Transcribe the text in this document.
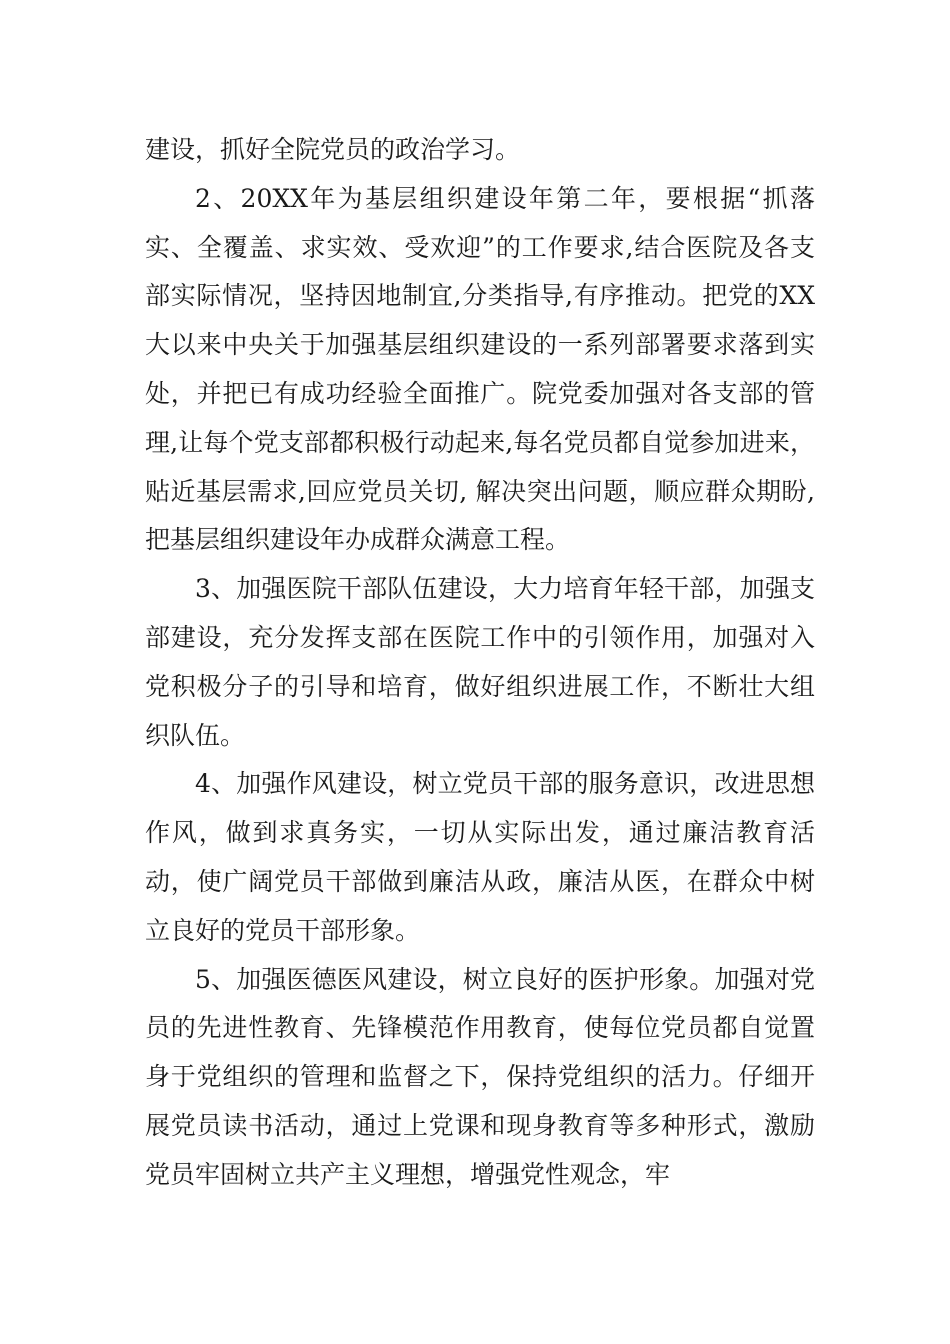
建设，抓好全院党员的政治学习。

2、20XX年为基层组织建设年第二年，要根据“抓落实、全覆盖、求实效、受欢迎”的工作要求,结合医院及各支部实际情况，坚持因地制宜,分类指导,有序推动。把党的XX大以来中央关于加强基层组织建设的一系列部署要求落到实处，并把已有成功经验全面推广。院党委加强对各支部的管理,让每个党支部都积极行动起来,每名党员都自觉参加进来，贴近基层需求,回应党员关切, 解决突出问题，顺应群众期盼,把基层组织建设年办成群众满意工程。

3、加强医院干部队伍建设，大力培育年轻干部，加强支部建设，充分发挥支部在医院工作中的引领作用，加强对入党积极分子的引导和培育，做好组织进展工作，不断壮大组织队伍。

4、加强作风建设，树立党员干部的服务意识，改进思想作风，做到求真务实，一切从实际出发，通过廉洁教育活动，使广阔党员干部做到廉洁从政，廉洁从医，在群众中树立良好的党员干部形象。

5、加强医德医风建设，树立良好的医护形象。加强对党员的先进性教育、先锋模范作用教育，使每位党员都自觉置身于党组织的管理和监督之下，保持党组织的活力。仔细开展党员读书活动，通过上党课和现身教育等多种形式，激励党员牢固树立共产主义理想，增强党性观念，牢
